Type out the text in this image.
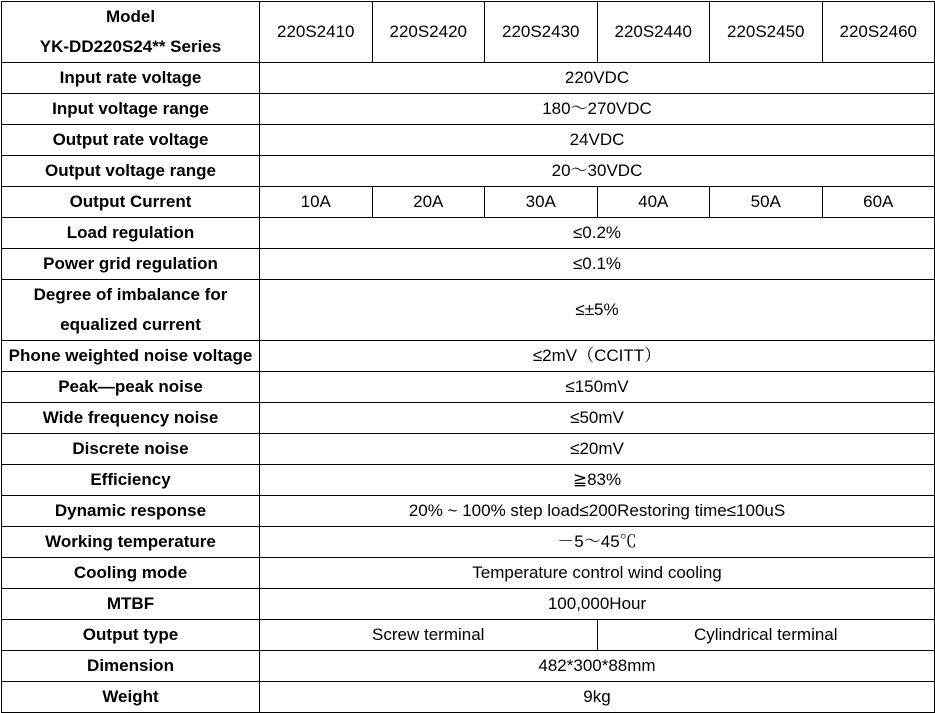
Model
YK-DD220S24** Series	220S2410	220S2420	220S2430	220S2440	220S2450	220S2460
Input rate voltage	220VDC					
Input voltage range	180～270VDC					
Output rate voltage	24VDC					
Output voltage range	20～30VDC					
Output Current	10A	20A	30A	40A	50A	60A
Load regulation	≤0.2%					
Power grid regulation	≤0.1%					

Degree of imbalance for
equalized current	≤±5%					
Phone weighted noise voltage	≤2mV（CCITT）					
Peak—peak noise	≤150mV					
Wide frequency noise	≤50mV					
Discrete noise	≤20mV					
Efficiency	≧83%					
Dynamic response	20% ~ 100% step load≤200Restoring time≤100uS					
Working temperature	－5～45℃					
Cooling mode	Temperature control wind cooling					
MTBF	100,000Hour					
Output type	Screw terminal			Cylindrical terminal		
Dimension	482*300*88mm					
Weight	9kg					
